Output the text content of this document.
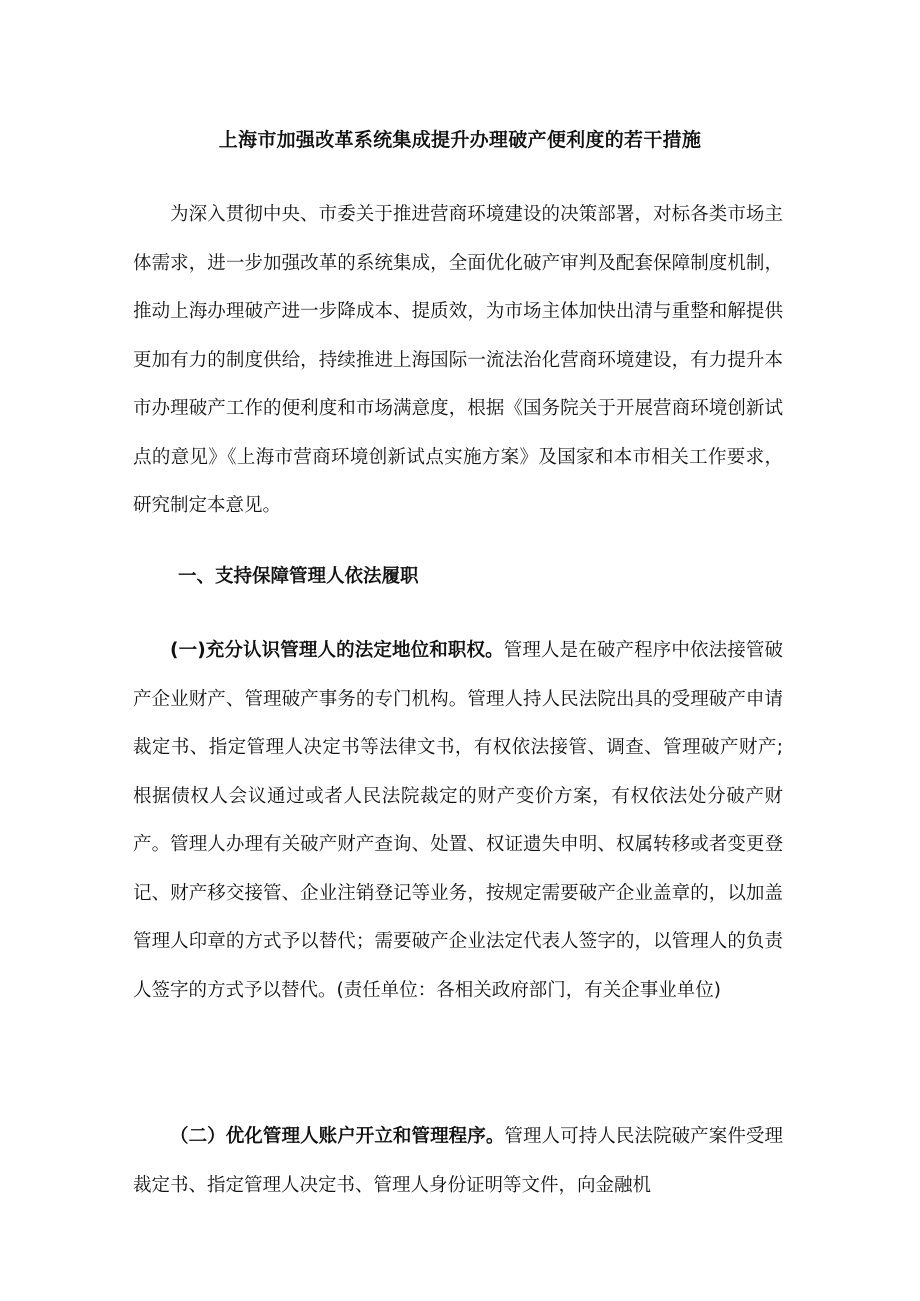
上海市加强改革系统集成提升办理破产便利度的若干措施

为深入贯彻中央、市委关于推进营商环境建设的决策部署，对标各类市场主体需求，进一步加强改革的系统集成，全面优化破产审判及配套保障制度机制，推动上海办理破产进一步降成本、提质效，为市场主体加快出清与重整和解提供更加有力的制度供给，持续推进上海国际一流法治化营商环境建设，有力提升本市办理破产工作的便利度和市场满意度，根据《国务院关于开展营商环境创新试点的意见》《上海市营商环境创新试点实施方案》及国家和本市相关工作要求，研究制定本意见。

一、支持保障管理人依法履职

(一)充分认识管理人的法定地位和职权。管理人是在破产程序中依法接管破产企业财产、管理破产事务的专门机构。管理人持人民法院出具的受理破产申请裁定书、指定管理人决定书等法律文书，有权依法接管、调查、管理破产财产;根据债权人会议通过或者人民法院裁定的财产变价方案，有权依法处分破产财产。管理人办理有关破产财产查询、处置、权证遗失申明、权属转移或者变更登记、财产移交接管、企业注销登记等业务，按规定需要破产企业盖章的，以加盖管理人印章的方式予以替代；需要破产企业法定代表人签字的，以管理人的负责人签字的方式予以替代。(责任单位：各相关政府部门，有关企事业单位)

（二）优化管理人账户开立和管理程序。管理人可持人民法院破产案件受理裁定书、指定管理人决定书、管理人身份证明等文件，向金融机
